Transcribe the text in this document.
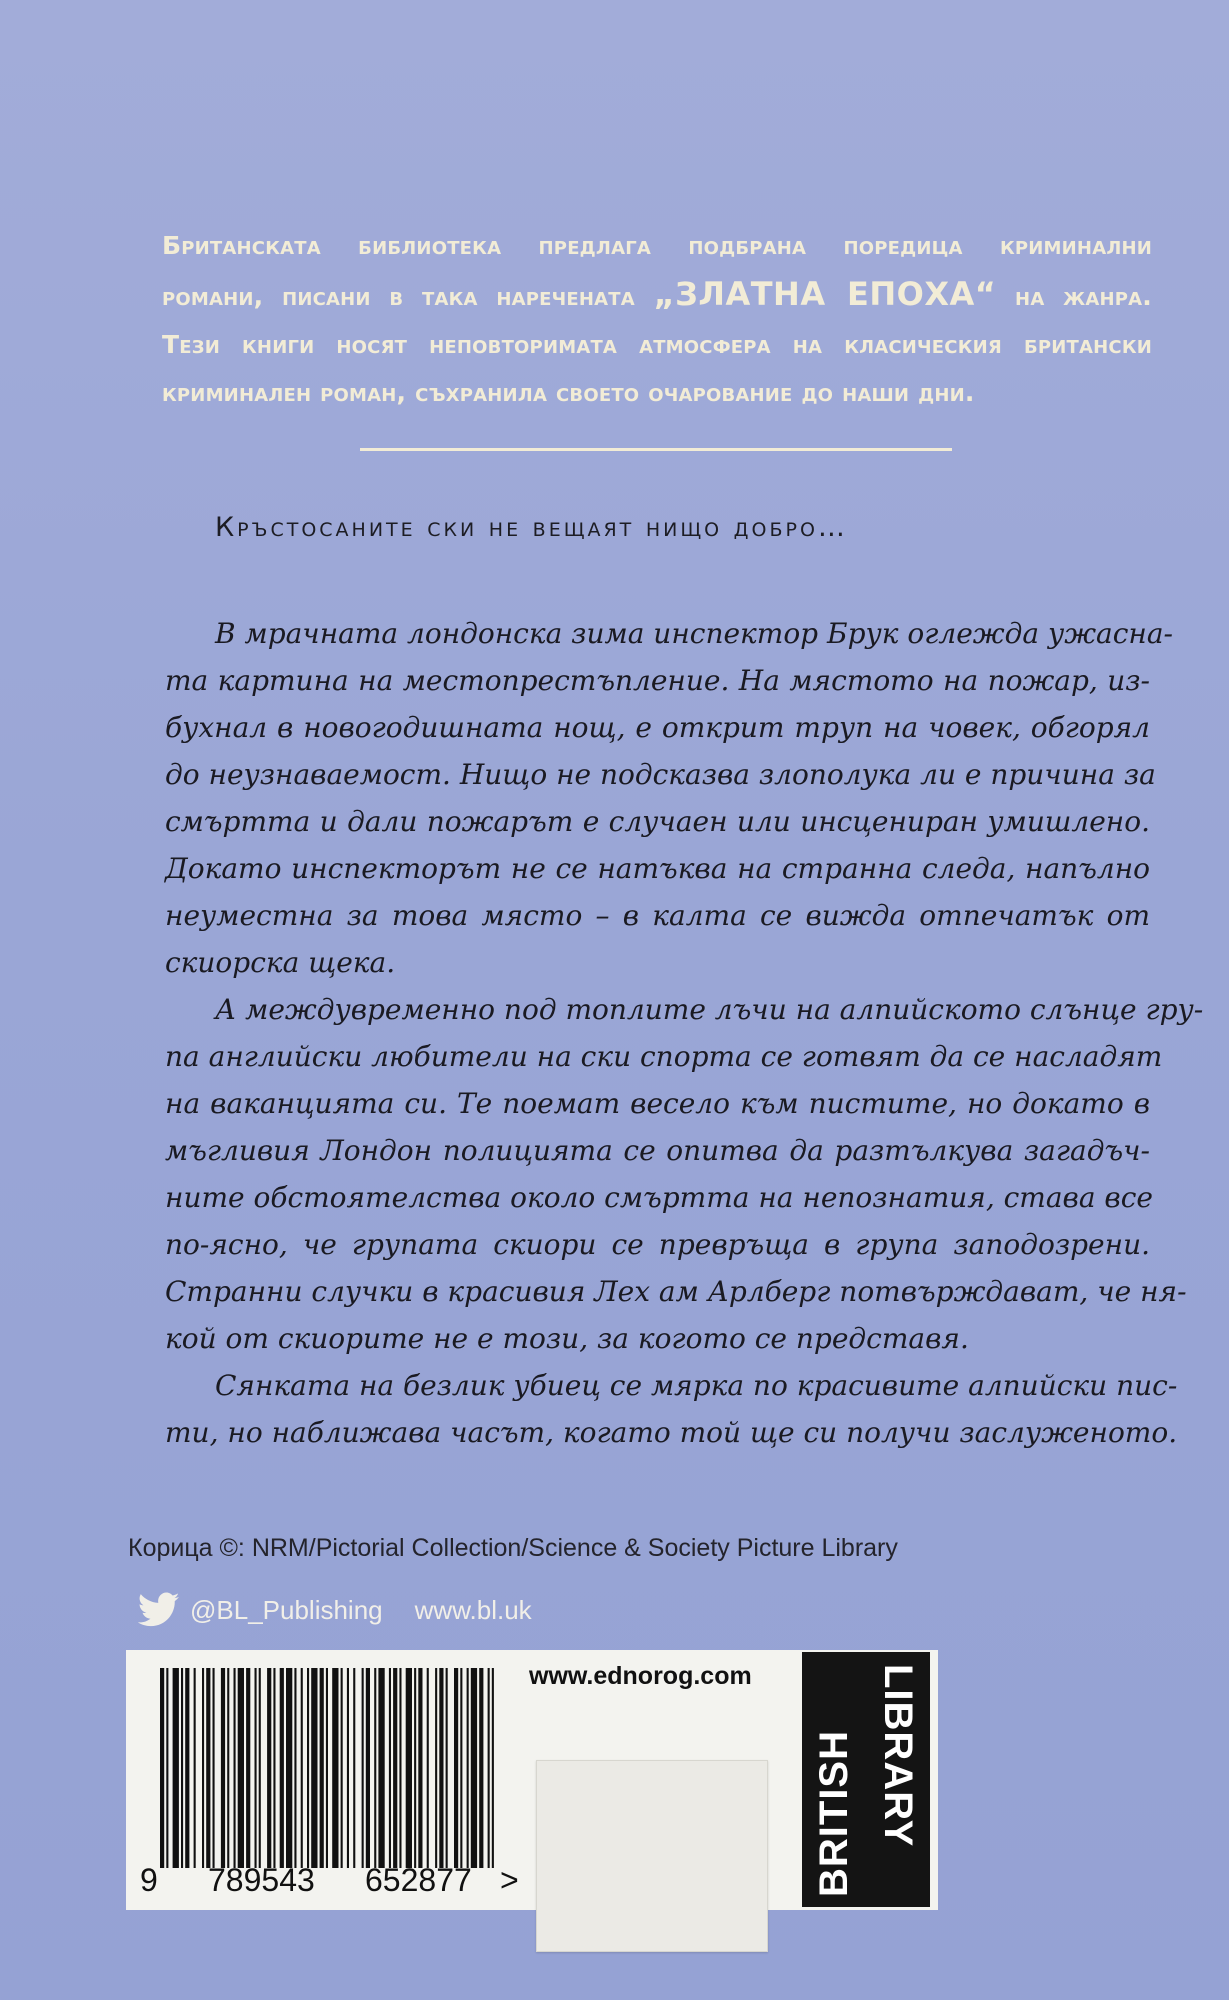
Британската библиотека предлага подбрана поредица криминални
романи, писани в така наречената „ЗЛАТНА ЕПОХА“ на жанра.
Тези книги носят неповторимата атмосфера на класическия британски
криминален роман, съхранила своето очарование до наши дни.
Кръстосаните ски не вещаят нищо добро…
В мрачната лондонска зима инспектор Брук оглежда ужасна-
та картина на местопрестъпление. На мястото на пожар, из-
бухнал в новогодишната нощ, е открит труп на човек, обгорял
до неузнаваемост. Нищо не подсказва злополука ли е причина за
смъртта и дали пожарът е случаен или инсцениран умишлено.
Докато инспекторът не се натъква на странна следа, напълно
неуместна за това място – в калта се вижда отпечатък от
скиорска щека.
А междувременно под топлите лъчи на алпийското слънце гру-
па английски любители на ски спорта се готвят да се насладят
на ваканцията си. Те поемат весело към пистите, но докато в
мъгливия Лондон полицията се опитва да разтълкува загадъч-
ните обстоятелства около смъртта на непознатия, става все
по-ясно, че групата скиори се превръща в група заподозрени.
Странни случки в красивия Лех ам Арлберг потвърждават, че ня-
кой от скиорите не е този, за когото се представя.
Сянката на безлик убиец се мярка по красивите алпийски пис-
ти, но наближава часът, когато той ще си получи заслуженото.
Корица ©: NRM/Pictorial Collection/Science & Society Picture Library
@BL_Publishing www.bl.uk
9 789543 652877 >
www.ednorog.com
BRITISH LIBRARY
